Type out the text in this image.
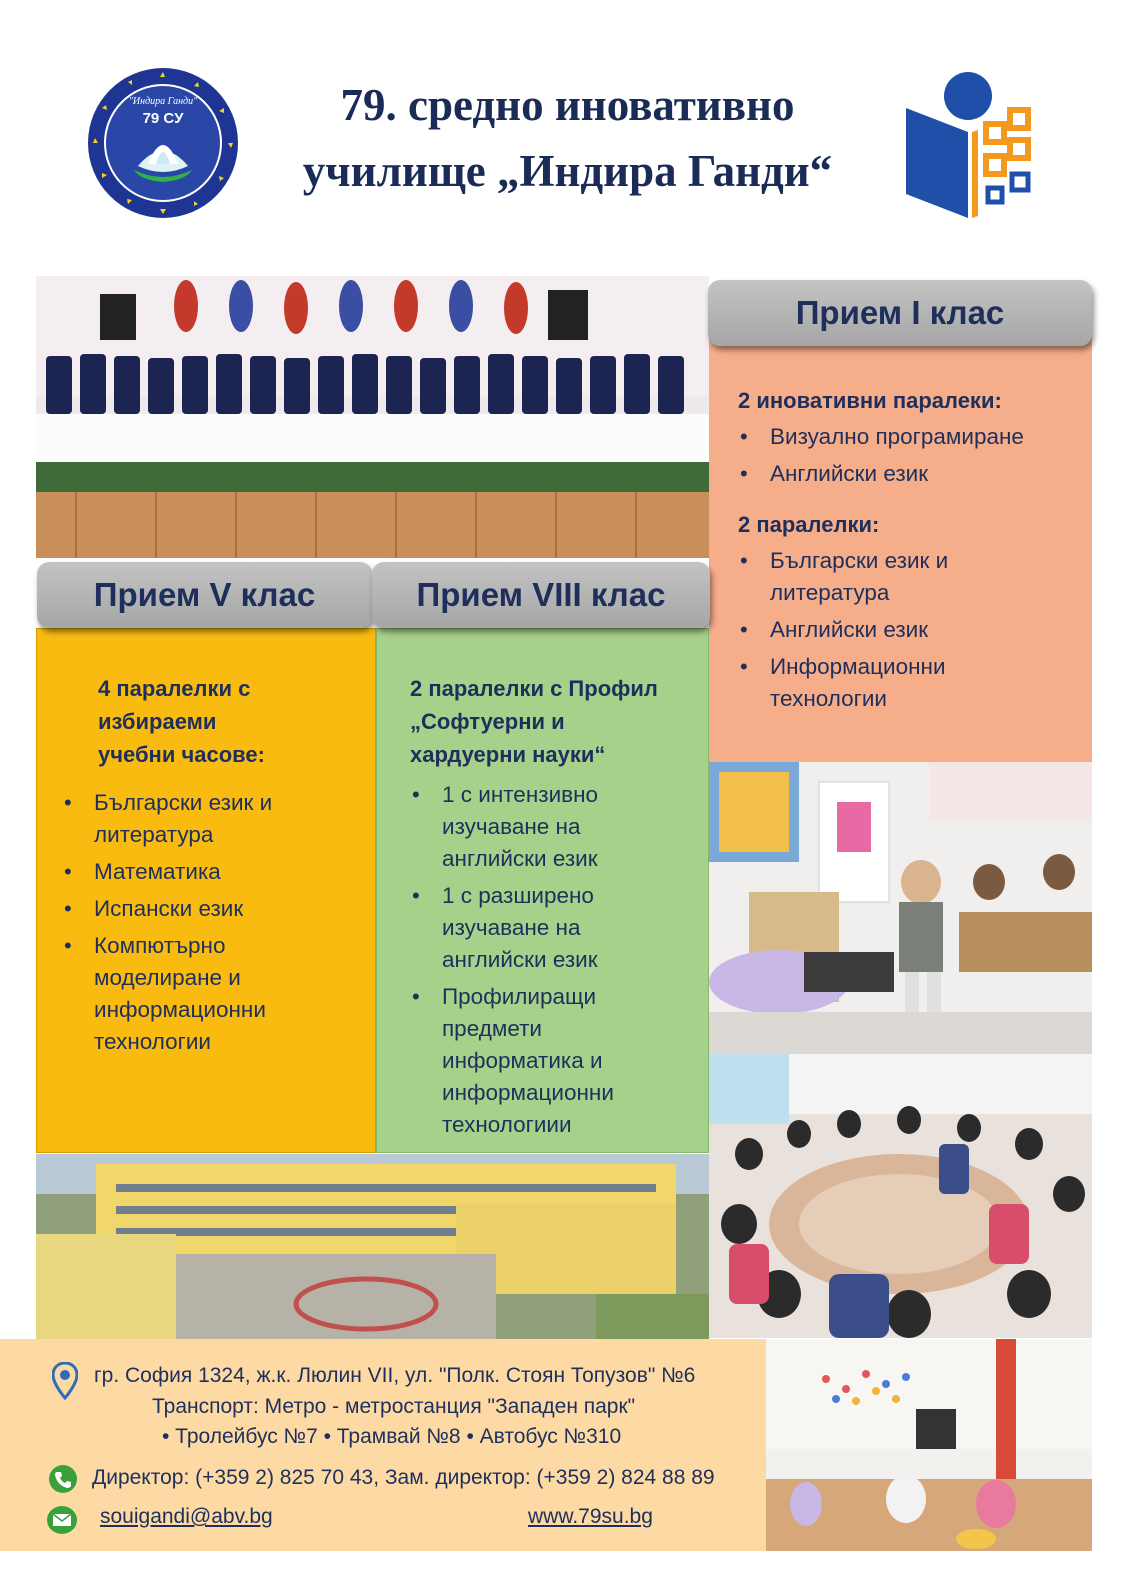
"Индира Ганди"
79 СУ	79. средно иновативно
училище „Индира Ганди“
Прием I клас
Прием V клас	Прием VIII клас

2 иновативни паралеки:

• Визуално програмиране
• Английски език

2 паралелки:

• Български език и литература
• Английски език
• Информационни технологии

4 паралелки с избираеми учебни часове:

• Български език и литература
• Математика
• Испански език
• Компютърно моделиране и информационни технологии

2 паралелки с Профил „Софтуерни и хардуерни науки“

• 1 с интензивно изучаване на английски език
• 1 с разширено изучаване на английски език
• Профилиращи предмети информатика и информационни технологиии
гр. София 1324, ж.к. Люлин VII, ул. "Полк. Стоян Топузов" №6
Транспорт: Метро - метростанция "Западен парк"
• Тролейбус №7 • Трамвай №8 • Автобус №310
Директор: (+359 2) 825 70 43, Зам. директор: (+359 2) 824 88 89
souigandi@abv.bg	www.79su.bg
